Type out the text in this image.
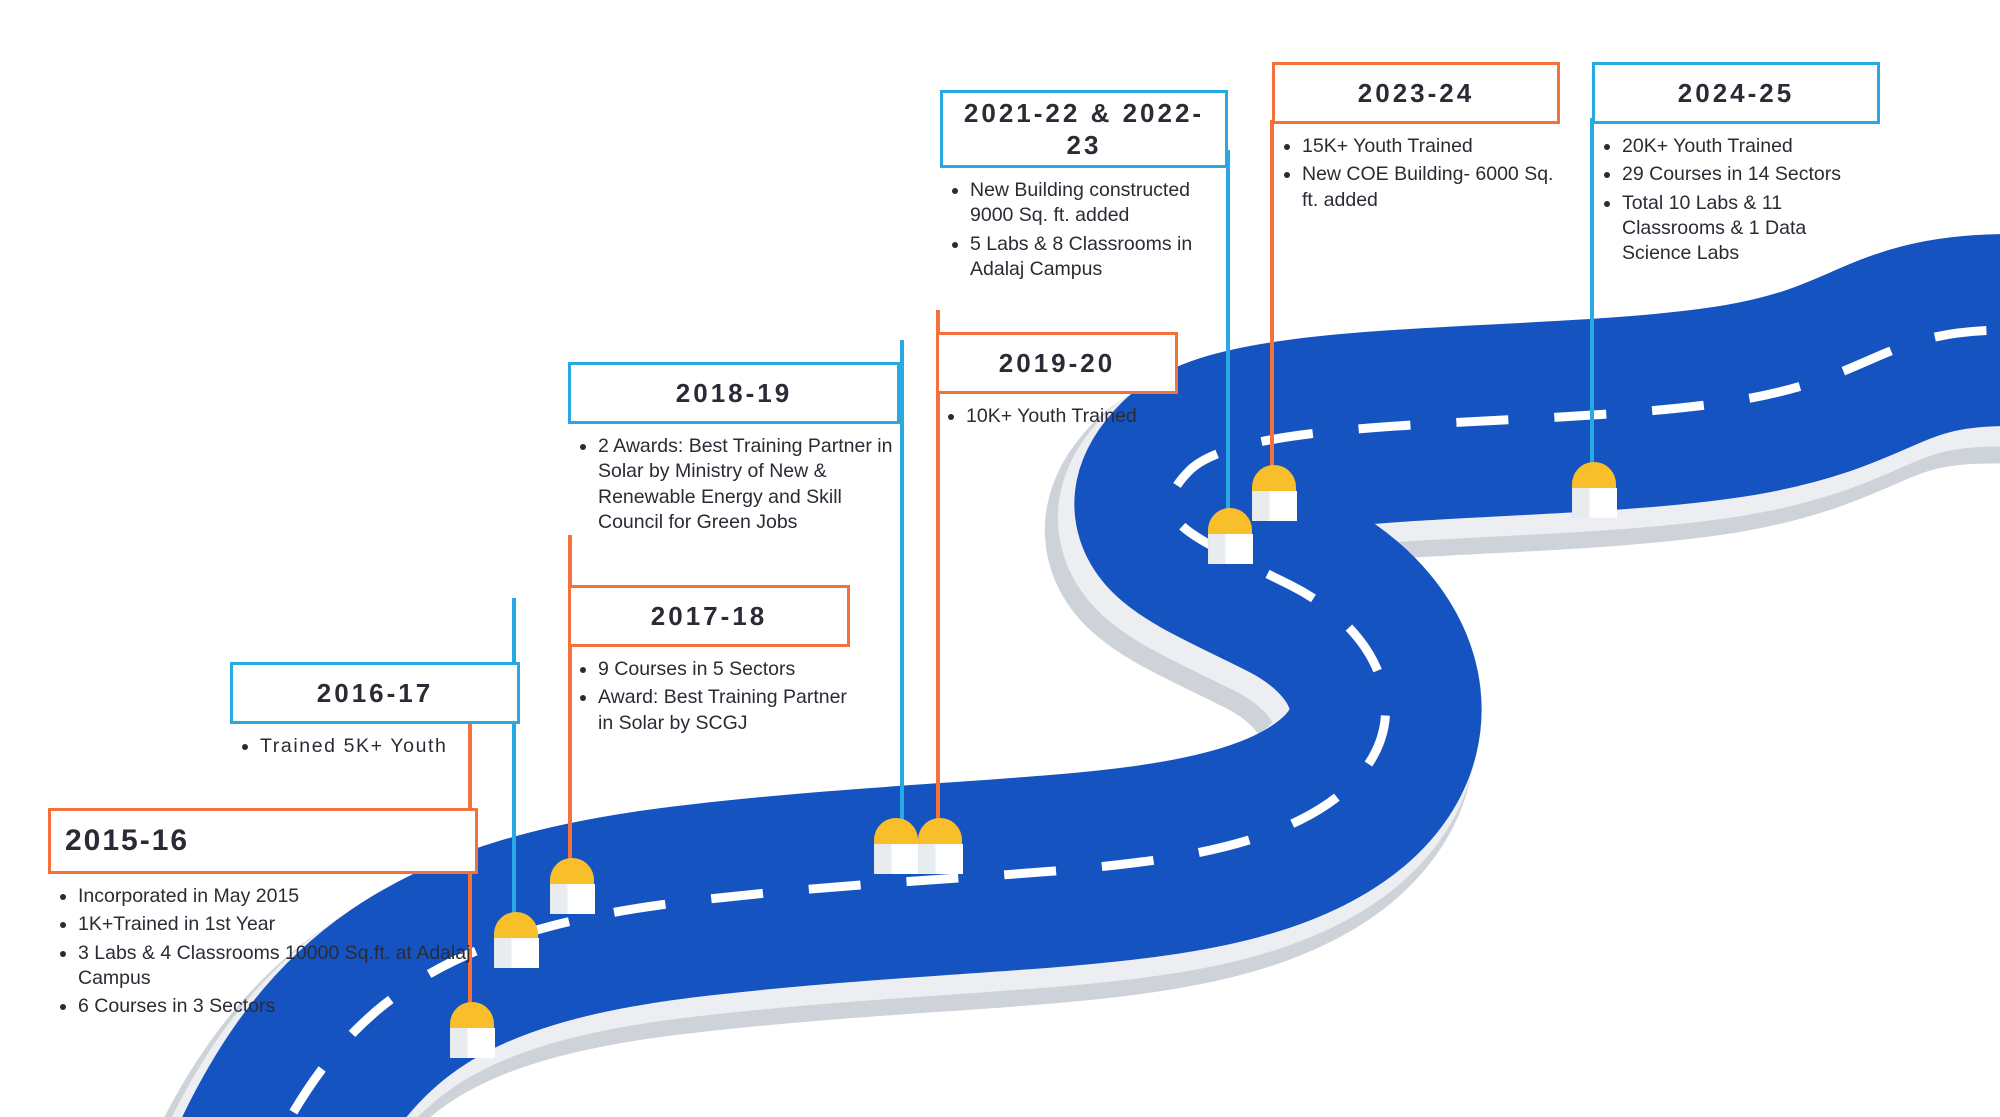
2015-16
• Incorporated in May 2015
• 1K+Trained in 1st Year
• 3 Labs & 4 Classrooms 10000 Sq.ft. at Adalaj Campus
• 6 Courses in 3 Sectors
2016-17
• Trained 5K+ Youth
2017-18
• 9 Courses in 5 Sectors
• Award: Best Training Partner in Solar by SCGJ
2018-19
• 2 Awards: Best Training Partner in Solar by Ministry of New & Renewable Energy and Skill Council for Green Jobs
2019-20
• 10K+ Youth Trained
2021-22 & 2022-23
• New Building constructed 9000 Sq. ft. added
• 5 Labs & 8 Classrooms in Adalaj Campus
2023-24
• 15K+ Youth Trained
• New COE Building- 6000 Sq. ft. added
2024-25
• 20K+ Youth Trained
• 29 Courses in 14 Sectors
• Total 10 Labs & 11 Classrooms & 1 Data Science Labs
